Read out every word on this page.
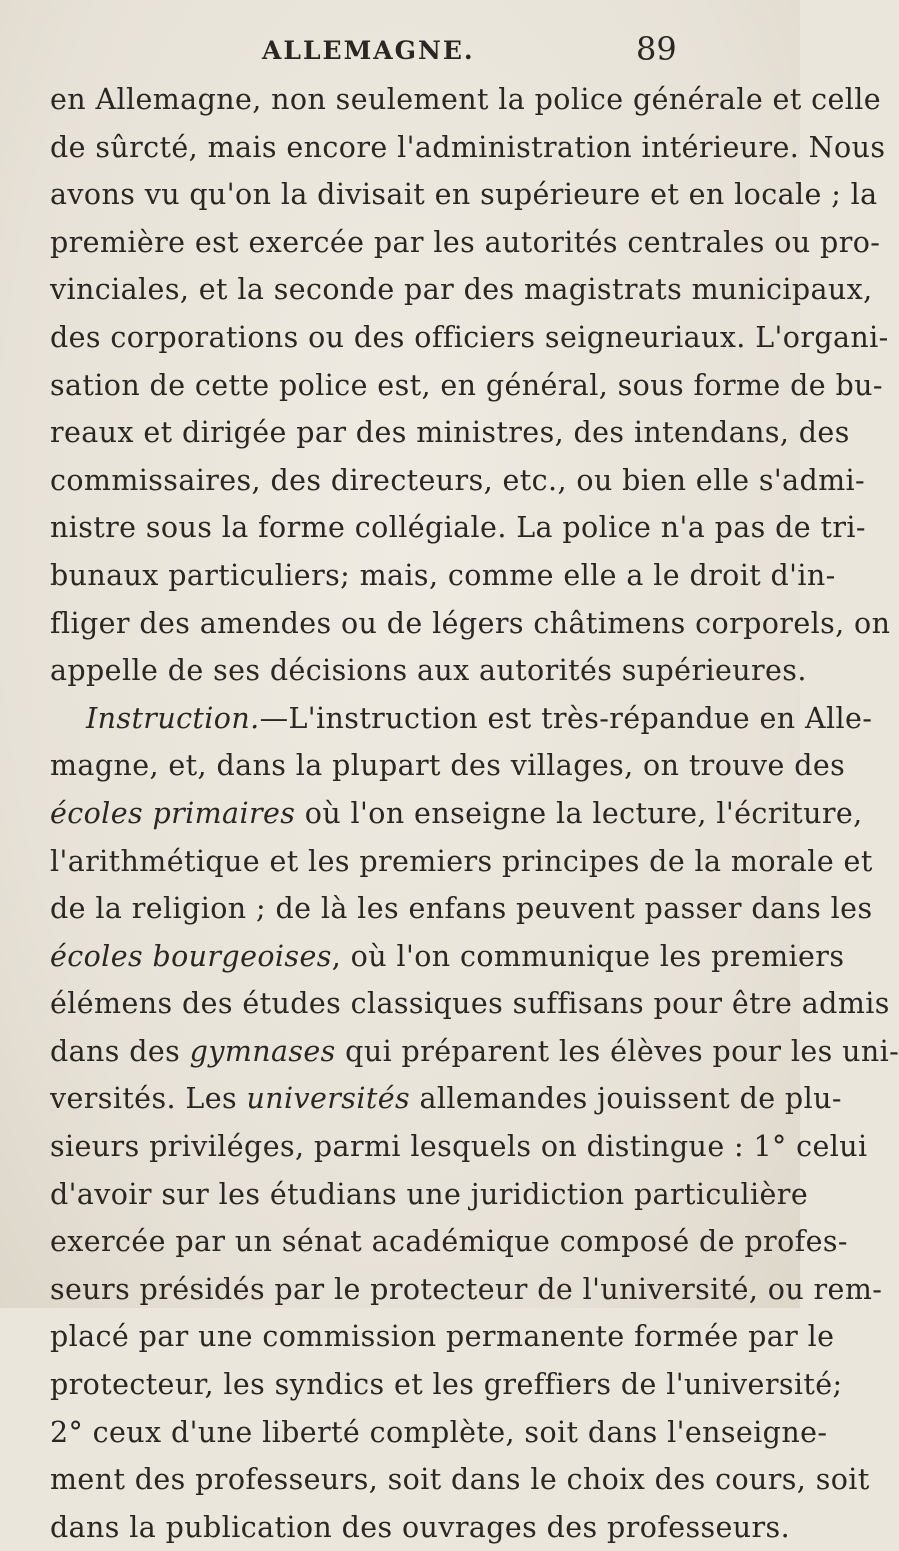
ALLEMAGNE.	89
en Allemagne, non seulement la police générale et celle
de sûrcté, mais encore l'administration intérieure. Nous
avons vu qu'on la divisait en supérieure et en locale ; la
première est exercée par les autorités centrales ou pro-
vinciales, et la seconde par des magistrats municipaux,
des corporations ou des officiers seigneuriaux. L'organi-
sation de cette police est, en général, sous forme de bu-
reaux et dirigée par des ministres, des intendans, des
commissaires, des directeurs, etc., ou bien elle s'admi-
nistre sous la forme collégiale. La police n'a pas de tri-
bunaux particuliers; mais, comme elle a le droit d'in-
fliger des amendes ou de légers châtimens corporels, on
appelle de ses décisions aux autorités supérieures.
Instruction.—L'instruction est très-répandue en Alle-
magne, et, dans la plupart des villages, on trouve des
écoles primaires où l'on enseigne la lecture, l'écriture,
l'arithmétique et les premiers principes de la morale et
de la religion ; de là les enfans peuvent passer dans les
écoles bourgeoises, où l'on communique les premiers
élémens des études classiques suffisans pour être admis
dans des gymnases qui préparent les élèves pour les uni-
versités. Les universités allemandes jouissent de plu-
sieurs priviléges, parmi lesquels on distingue : 1° celui
d'avoir sur les étudians une juridiction particulière
exercée par un sénat académique composé de profes-
seurs présidés par le protecteur de l'université, ou rem-
placé par une commission permanente formée par le
protecteur, les syndics et les greffiers de l'université;
2° ceux d'une liberté complète, soit dans l'enseigne-
ment des professeurs, soit dans le choix des cours, soit
dans la publication des ouvrages des professeurs.
